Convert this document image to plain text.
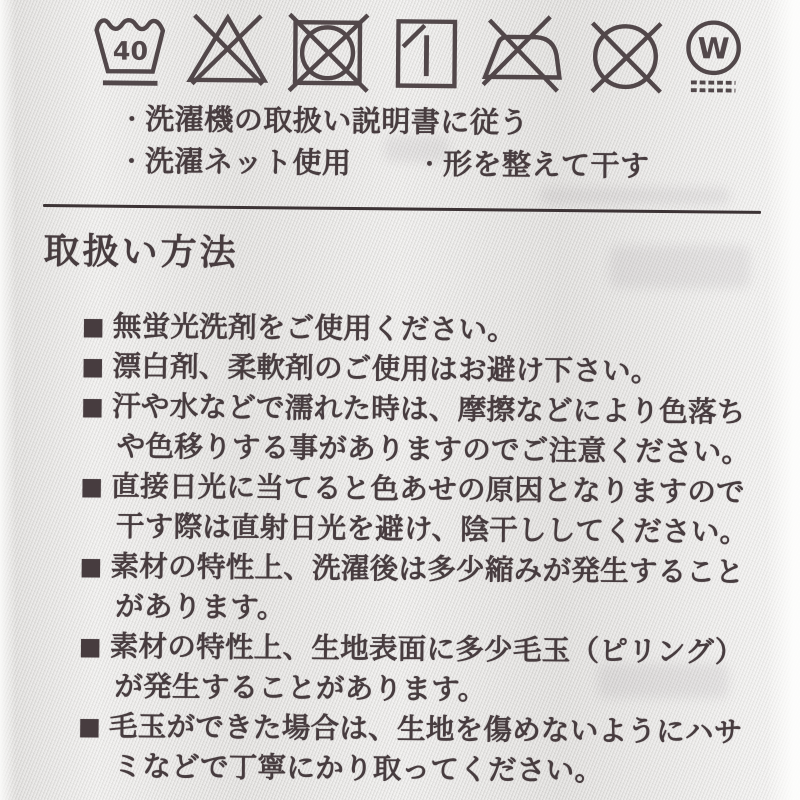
40	W
・洗濯機の取扱い説明書に従う
・洗濯ネット使用	・形を整えて干す
取扱い方法
■ 無蛍光洗剤をご使用ください。
■ 漂白剤、柔軟剤のご使用はお避け下さい。
■ 汗や水などで濡れた時は、摩擦などにより色落ちや色移りする事がありますのでご注意ください。
■ 直接日光に当てると色あせの原因となりますので干す際は直射日光を避け、陰干ししてください。
■ 素材の特性上、洗濯後は多少縮みが発生することがあります。
■ 素材の特性上、生地表面に多少毛玉（ピリング）が発生することがあります。
■ 毛玉ができた場合は、生地を傷めないようにハサミなどで丁寧にかり取ってください。
